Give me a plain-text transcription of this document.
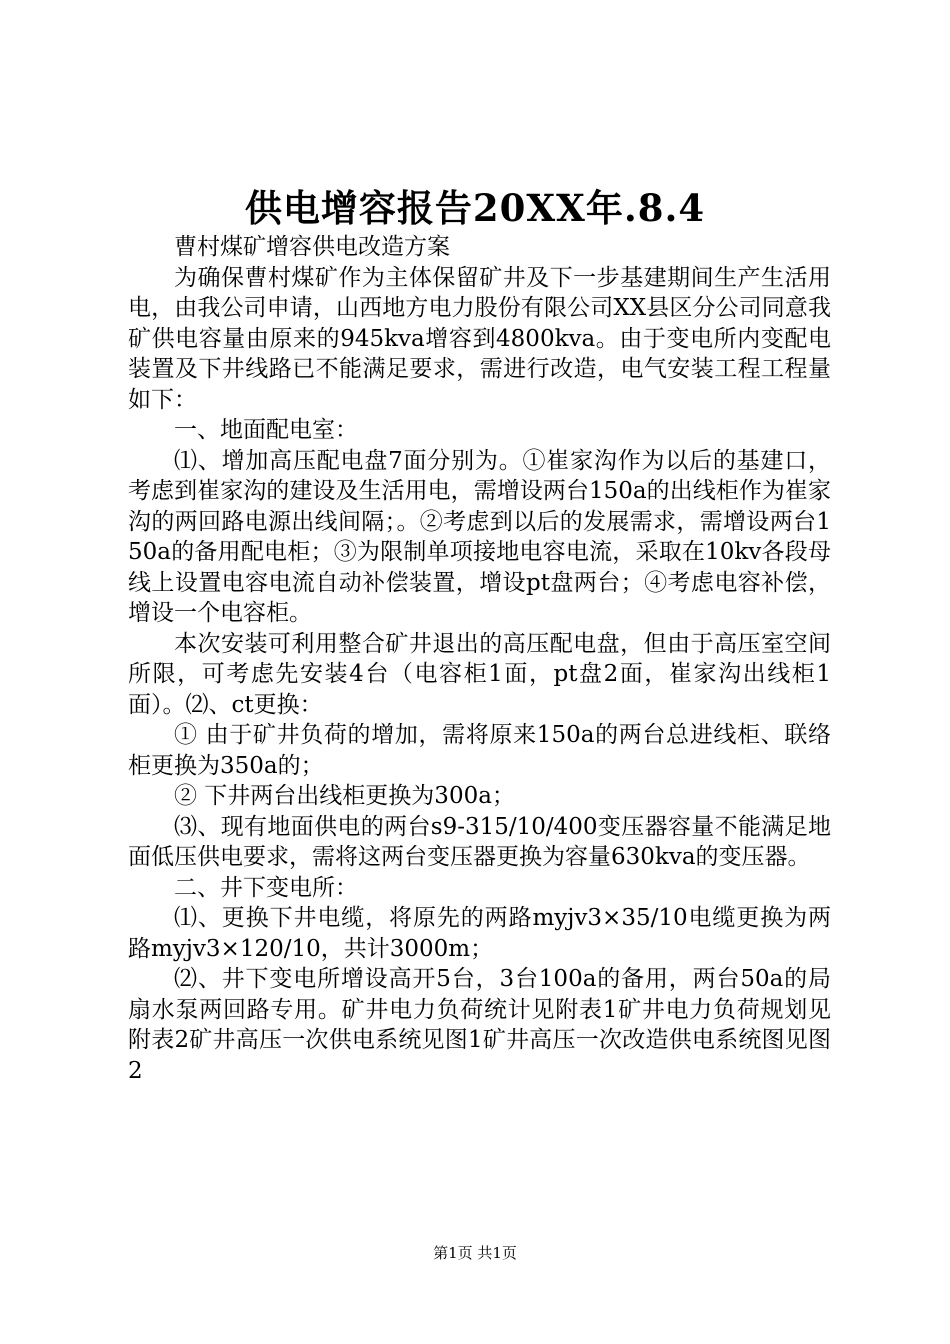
供电增容报告20XX年.8.4

曹村煤矿增容供电改造方案

为确保曹村煤矿作为主体保留矿井及下一步基建期间生产生活用电，由我公司申请，山西地方电力股份有限公司XX县区分公司同意我矿供电容量由原来的945kva增容到4800kva。由于变电所内变配电装置及下井线路已不能满足要求，需进行改造，电气安装工程工程量如下：

一、地面配电室：

⑴、增加高压配电盘7面分别为。①崔家沟作为以后的基建口，考虑到崔家沟的建设及生活用电，需增设两台150a的出线柜作为崔家沟的两回路电源出线间隔；。②考虑到以后的发展需求，需增设两台150a的备用配电柜；③为限制单项接地电容电流，采取在10kv各段母线上设置电容电流自动补偿装置，增设pt盘两台；④考虑电容补偿，增设一个电容柜。

本次安装可利用整合矿井退出的高压配电盘，但由于高压室空间所限，可考虑先安装4台（电容柜1面，pt盘2面，崔家沟出线柜1面）。⑵、ct更换：

① 由于矿井负荷的增加，需将原来150a的两台总进线柜、联络柜更换为350a的；

② 下井两台出线柜更换为300a；

⑶、现有地面供电的两台s9-315/10/400变压器容量不能满足地面低压供电要求，需将这两台变压器更换为容量630kva的变压器。

二、井下变电所：

⑴、更换下井电缆，将原先的两路myjv3×35/10电缆更换为两路myjv3×120/10，共计3000m；

⑵、井下变电所增设高开5台，3台100a的备用，两台50a的局扇水泵两回路专用。矿井电力负荷统计见附表1矿井电力负荷规划见附表2矿井高压一次供电系统见图1矿井高压一次改造供电系统图见图2

第1页 共1页
